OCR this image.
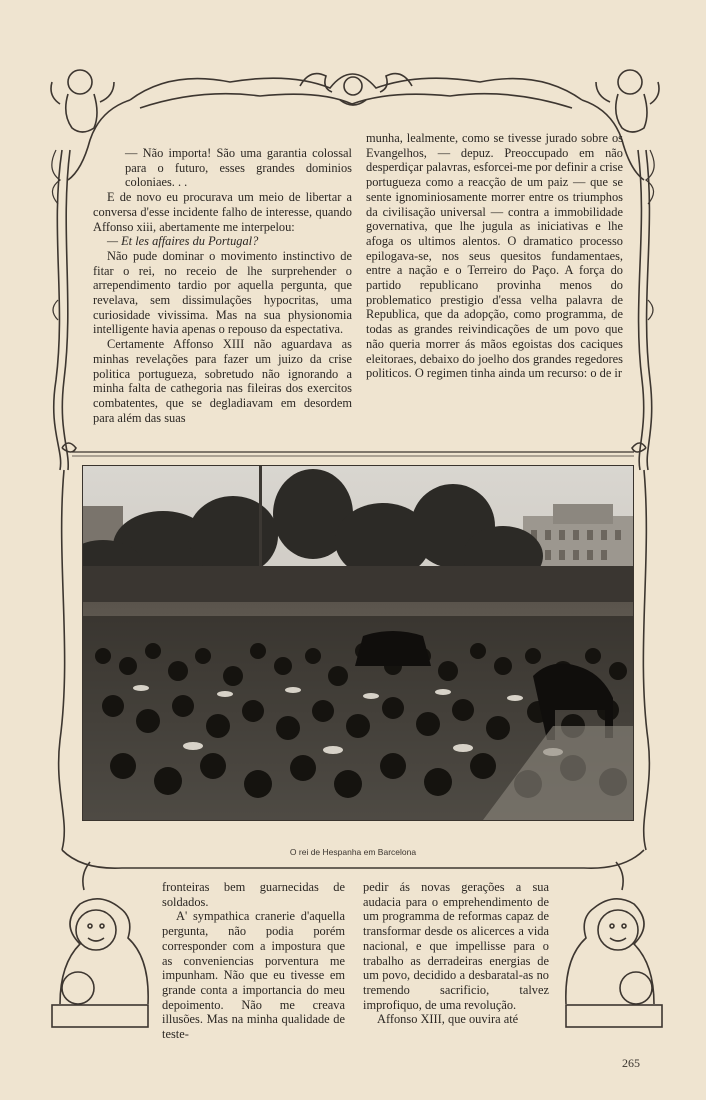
— Não importa! São uma garantia colossal para o futuro, esses grandes dominios coloniaes. . .

E de novo eu procurava um meio de libertar a conversa d'esse incidente falho de interesse, quando Affonso xiii, abertamente me interpelou:

— Et les affaires du Portugal?

Não pude dominar o movimento instinctivo de fitar o rei, no receio de lhe surprehender o arrependimento tardio por aquella pergunta, que revelava, sem dissimulações hypocritas, uma curiosidade vivissima. Mas na sua physionomia intelligente havia apenas o repouso da espectativa.

Certamente Affonso XIII não aguardava as minhas revelações para fazer um juizo da crise politica portugueza, sobretudo não ignorando a minha falta de cathegoria nas fileiras dos exercitos combatentes, que se degladiavam em desordem para além das suas

munha, lealmente, como se tivesse jurado sobre os Evangelhos, — depuz. Preoccupado em não desperdiçar palavras, esforcei-me por definir a crise portugueza como a reacção de um paiz — que se sente ignominiosamente morrer entre os triumphos da civilisação universal — contra a immobilidade governativa, que lhe jugula as iniciativas e lhe afoga os ultimos alentos. O dramatico processo epilogava-se, nos seus quesitos fundamentaes, entre a nação e o Terreiro do Paço. A força do partido republicano provinha menos do problematico prestigio d'essa velha palavra de Republica, que da adopção, como programma, de todas as grandes reivindicações de um povo que não queria morrer ás mãos egoistas dos caciques eleitoraes, debaixo do joelho dos grandes regedores politicos. O regimen tinha ainda um recurso: o de ir

O rei de Hespanha em Barcelona

fronteiras bem guarnecidas de soldados.

A' sympathica cranerie d'aquella pergunta, não podia porém corresponder com a impostura que as conveniencias porventura me impunham. Não que eu tivesse em grande conta a importancia do meu depoimento. Não me creava illusões. Mas na minha qualidade de teste-

pedir ás novas gerações a sua audacia para o emprehendimento de um programma de reformas capaz de transformar desde os alicerces a vida nacional, e que impellisse para o trabalho as derradeiras energias de um povo, decidido a desbaratal-as no tremendo sacrificio, talvez improfiquo, de uma revolução.

Affonso XIII, que ouvira até

265
